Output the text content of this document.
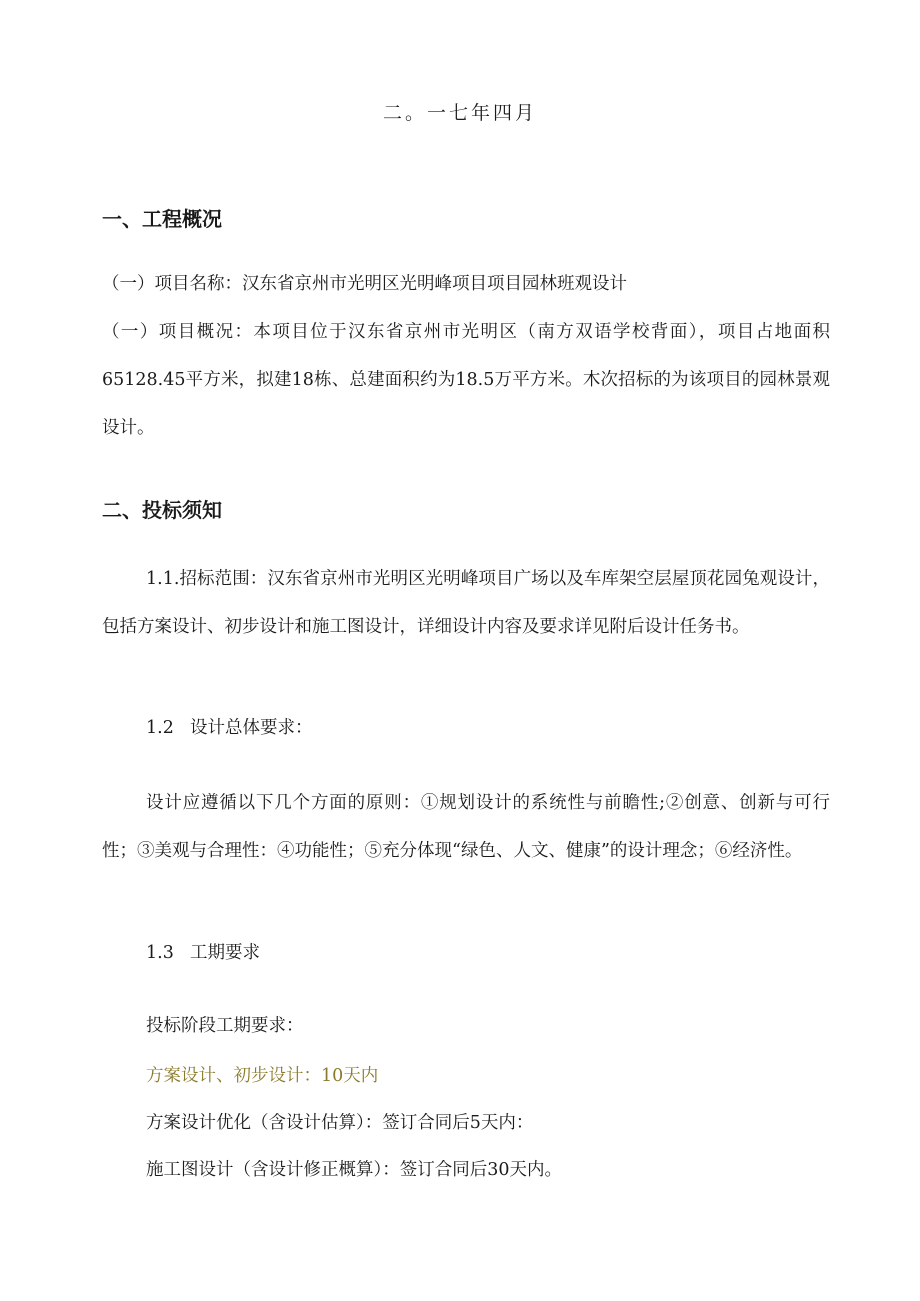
二。一七年四月
一、工程概况
（一）项目名称：汉东省京州市光明区光明峰项目项目园林班观设计
（一）项目概况：本项目位于汉东省京州市光明区（南方双语学校背面），项目占地面积65128.45平方米，拟建18栋、总建面积约为18.5万平方米。木次招标的为该项目的园林景观设计。
二、投标须知
1.1.招标范围：汉东省京州市光明区光明峰项目广场以及车库架空层屋顶花园兔观设计，包括方案设计、初步设计和施工图设计，详细设计内容及要求详见附后设计任务书。
1.2 设计总体要求：
设计应遵循以下几个方面的原则：①规划设计的系统性与前瞻性;②创意、创新与可行性；③美观与合理性：④功能性；⑤充分体现“绿色、人文、健康”的设计理念；⑥经济性。
1.3 工期要求
投标阶段工期要求：
方案设计、初步设计：10天内
方案设计优化（含设计估算）：签订合同后5天内：
施工图设计（含设计修正概算）：签订合同后30天内。
